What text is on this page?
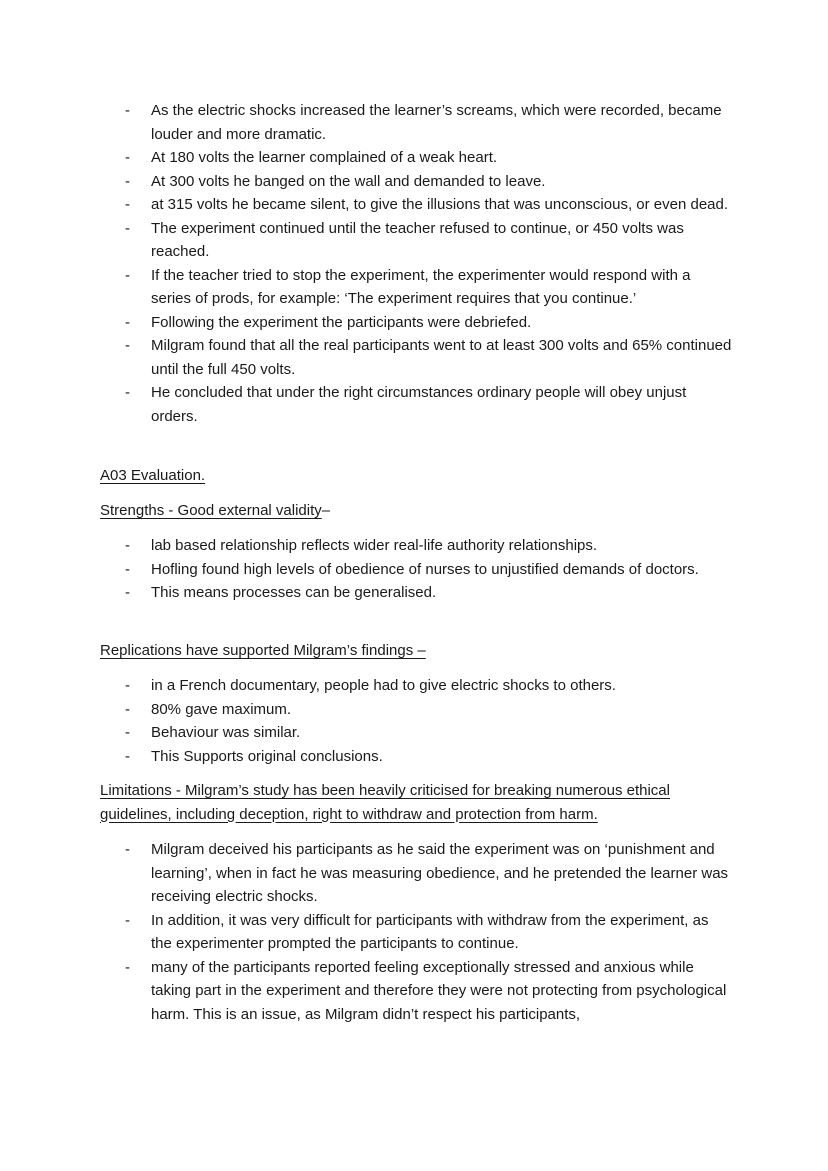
- As the electric shocks increased the learner’s screams, which were recorded, became louder and more dramatic.
- At 180 volts the learner complained of a weak heart.
- At 300 volts he banged on the wall and demanded to leave.
- at 315 volts he became silent, to give the illusions that was unconscious, or even dead.
- The experiment continued until the teacher refused to continue, or 450 volts was reached.
- If the teacher tried to stop the experiment, the experimenter would respond with a series of prods, for example: ‘The experiment requires that you continue.’
- Following the experiment the participants were debriefed.
- Milgram found that all the real participants went to at least 300 volts and 65% continued until the full 450 volts.
- He concluded that under the right circumstances ordinary people will obey unjust orders.

A03 Evaluation.

Strengths - Good external validity–

- lab based relationship reflects wider real-life authority relationships.
- Hofling found high levels of obedience of nurses to unjustified demands of doctors.
- This means processes can be generalised.

Replications have supported Milgram’s findings –

- in a French documentary, people had to give electric shocks to others.
- 80% gave maximum.
- Behaviour was similar.
- This Supports original conclusions.

Limitations - Milgram’s study has been heavily criticised for breaking numerous ethical guidelines, including deception, right to withdraw and protection from harm.

- Milgram deceived his participants as he said the experiment was on ‘punishment and learning’, when in fact he was measuring obedience, and he pretended the learner was receiving electric shocks.
- In addition, it was very difficult for participants with withdraw from the experiment, as the experimenter prompted the participants to continue.
- many of the participants reported feeling exceptionally stressed and anxious while taking part in the experiment and therefore they were not protecting from psychological harm. This is an issue, as Milgram didn’t respect his participants,
